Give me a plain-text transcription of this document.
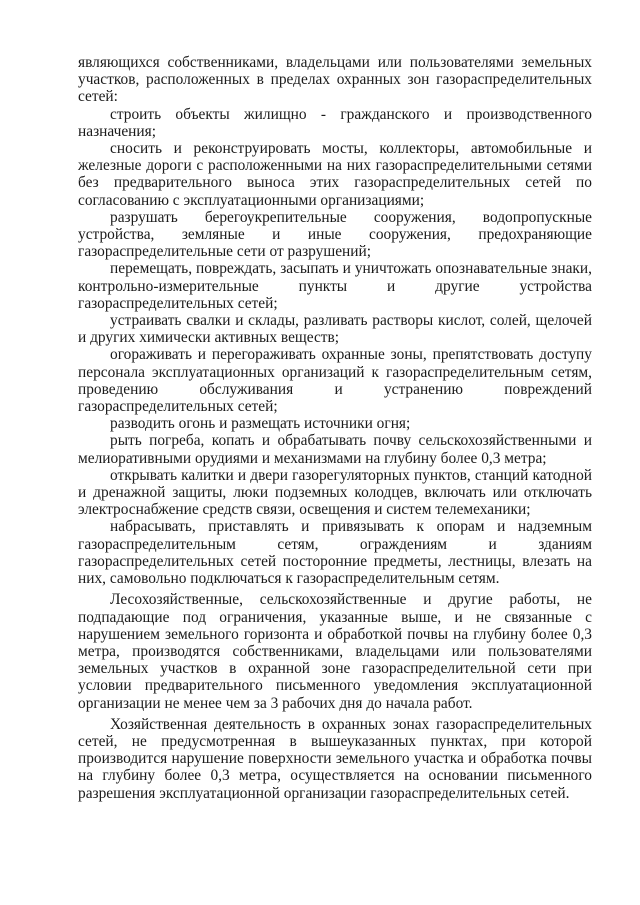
являющихся собственниками, владельцами или пользователями земельных участков, расположенных в пределах охранных зон газораспределительных сетей:

строить объекты жилищно - гражданского и производственного назначения;

сносить и реконструировать мосты, коллекторы, автомобильные и железные дороги с расположенными на них газораспределительными сетями без предварительного выноса этих газораспределительных сетей по согласованию с эксплуатационными организациями;

разрушать берегоукрепительные сооружения, водопропускные устройства, земляные и иные сооружения, предохраняющие газораспределительные сети от разрушений;

перемещать, повреждать, засыпать и уничтожать опознавательные знаки, контрольно-измерительные пункты и другие устройства газораспределительных сетей;

устраивать свалки и склады, разливать растворы кислот, солей, щелочей и других химически активных веществ;

огораживать и перегораживать охранные зоны, препятствовать доступу персонала эксплуатационных организаций к газораспределительным сетям, проведению обслуживания и устранению повреждений газораспределительных сетей;

разводить огонь и размещать источники огня;

рыть погреба, копать и обрабатывать почву сельскохозяйственными и мелиоративными орудиями и механизмами на глубину более 0,3 метра;

открывать калитки и двери газорегуляторных пунктов, станций катодной и дренажной защиты, люки подземных колодцев, включать или отключать электроснабжение средств связи, освещения и систем телемеханики;

набрасывать, приставлять и привязывать к опорам и надземным газораспределительным сетям, ограждениям и зданиям газораспределительных сетей посторонние предметы, лестницы, влезать на них, самовольно подключаться к газораспределительным сетям.

Лесохозяйственные, сельскохозяйственные и другие работы, не подпадающие под ограничения, указанные выше, и не связанные с нарушением земельного горизонта и обработкой почвы на глубину более 0,3 метра, производятся собственниками, владельцами или пользователями земельных участков в охранной зоне газораспределительной сети при условии предварительного письменного уведомления эксплуатационной организации не менее чем за 3 рабочих дня до начала работ.

Хозяйственная деятельность в охранных зонах газораспределительных сетей, не предусмотренная в вышеуказанных пунктах, при которой производится нарушение поверхности земельного участка и обработка почвы на глубину более 0,3 метра, осуществляется на основании письменного разрешения эксплуатационной организации газораспределительных сетей.
